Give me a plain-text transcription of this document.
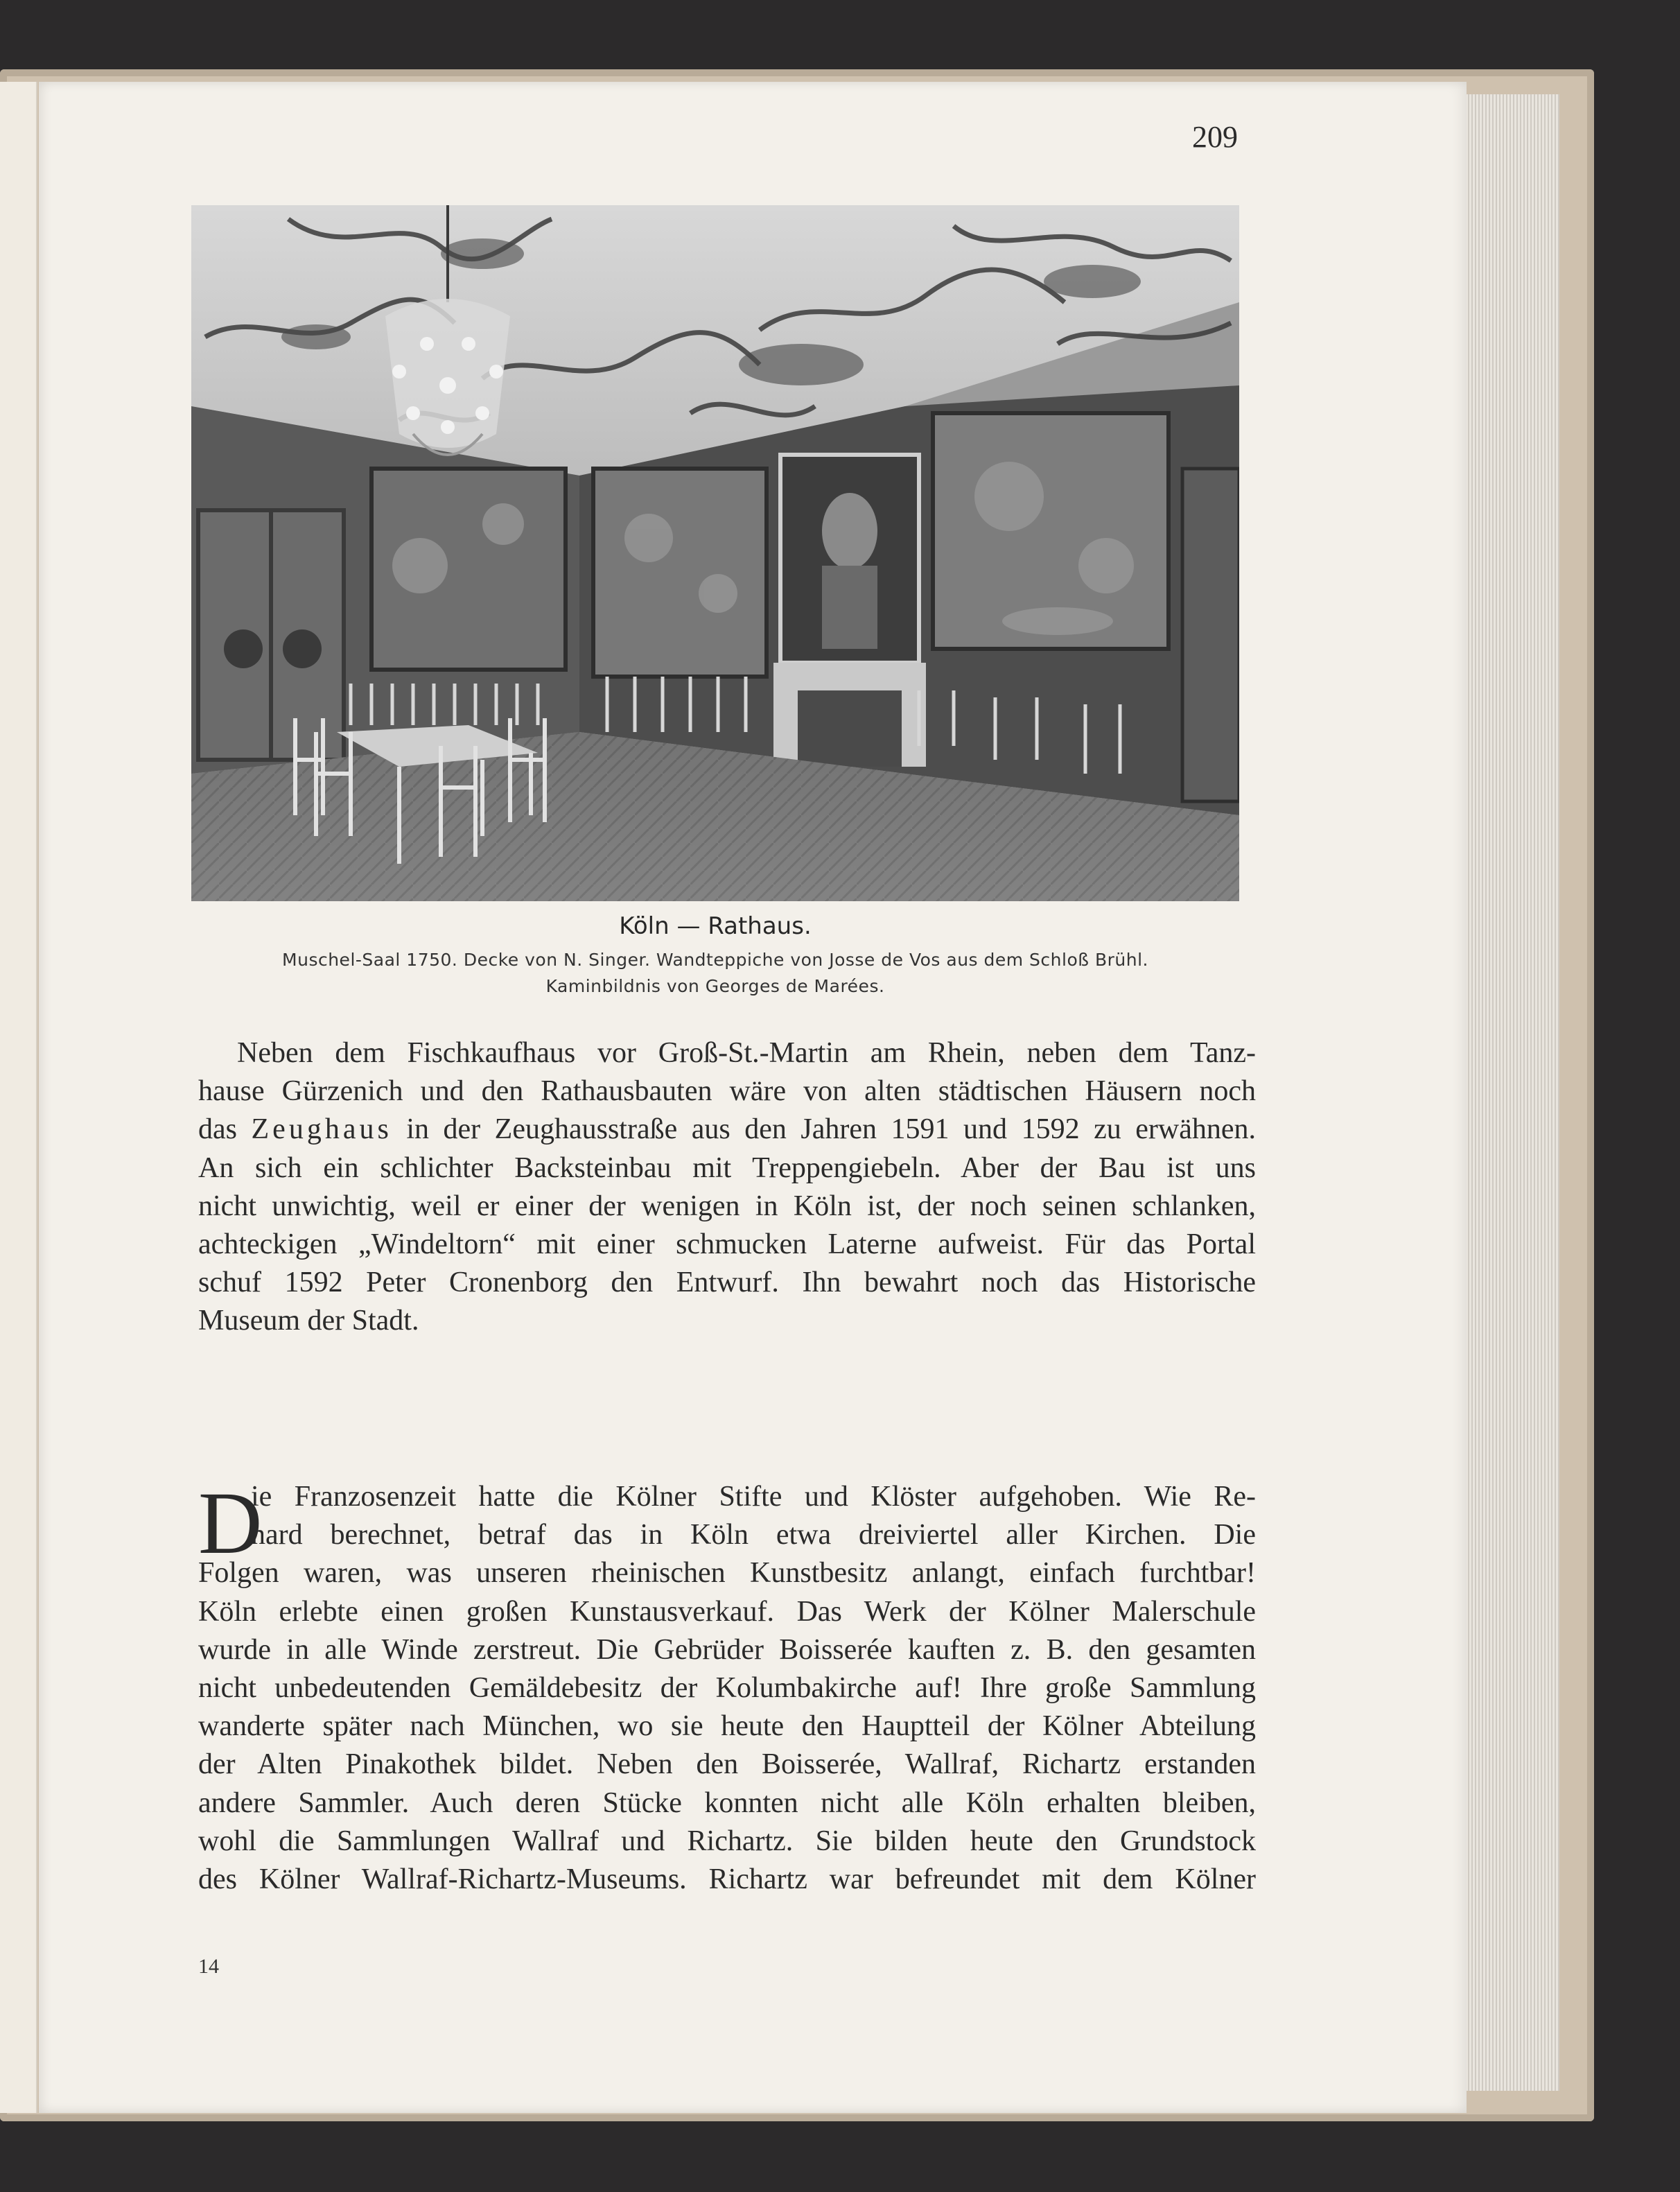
209
Köln — Rathaus.
Muschel-Saal 1750. Decke von N. Singer. Wandteppiche von Josse de Vos aus dem Schloß Brühl.
Kaminbildnis von Georges de Marées.
Neben dem Fischkaufhaus vor Groß-St.-Martin am Rhein, neben dem Tanz-
hause Gürzenich und den Rathausbauten wäre von alten städtischen Häusern noch
das Zeughaus in der Zeughausstraße aus den Jahren 1591 und 1592 zu erwähnen.
An sich ein schlichter Backsteinbau mit Treppengiebeln. Aber der Bau ist uns
nicht unwichtig, weil er einer der wenigen in Köln ist, der noch seinen schlanken,
achteckigen „Windeltorn“ mit einer schmucken Laterne aufweist. Für das Portal
schuf 1592 Peter Cronenborg den Entwurf. Ihn bewahrt noch das Historische
Museum der Stadt.
D
ie Franzosenzeit hatte die Kölner Stifte und Klöster aufgehoben. Wie Re-
nard berechnet, betraf das in Köln etwa dreiviertel aller Kirchen. Die
Folgen waren, was unseren rheinischen Kunstbesitz anlangt, einfach furchtbar!
Köln erlebte einen großen Kunstausverkauf. Das Werk der Kölner Malerschule
wurde in alle Winde zerstreut. Die Gebrüder Boisserée kauften z. B. den gesamten
nicht unbedeutenden Gemäldebesitz der Kolumbakirche auf! Ihre große Sammlung
wanderte später nach München, wo sie heute den Hauptteil der Kölner Abteilung
der Alten Pinakothek bildet. Neben den Boisserée, Wallraf, Richartz erstanden
andere Sammler. Auch deren Stücke konnten nicht alle Köln erhalten bleiben,
wohl die Sammlungen Wallraf und Richartz. Sie bilden heute den Grundstock
des Kölner Wallraf-Richartz-Museums. Richartz war befreundet mit dem Kölner
14
